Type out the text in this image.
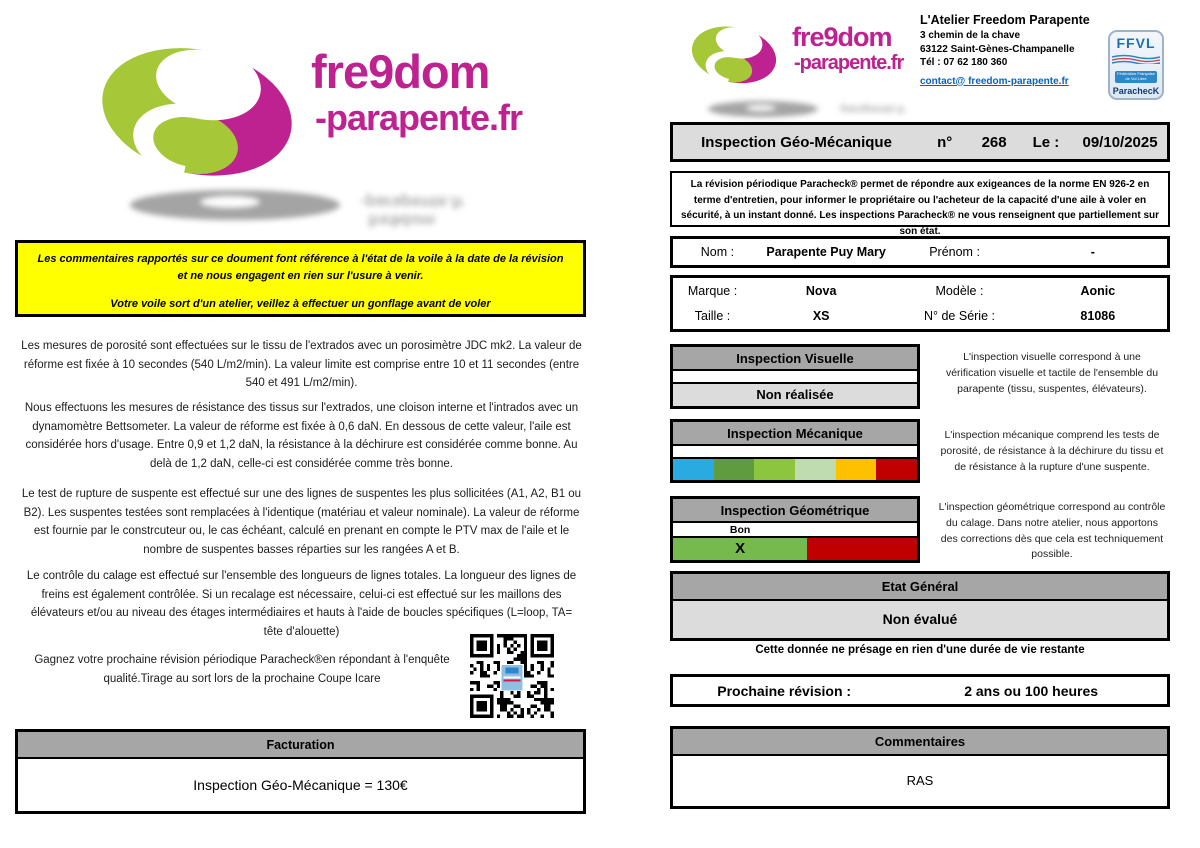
fre9dom
-parapente.fr
-parapente.fr
fre9dom
Les commentaires rapportés sur ce doument font référence à l'état de la voile à la date de la révision et ne nous engagent en rien sur l'usure à venir.
Votre voile sort d'un atelier, veillez à effectuer un gonflage avant de voler

Les mesures de porosité sont effectuées sur le tissu de l'extrados avec un porosimètre JDC mk2. La valeur de réforme est fixée à 10 secondes (540 L/m2/min). La valeur limite est comprise entre 10 et 11 secondes (entre 540 et 491 L/m2/min).

Nous effectuons les mesures de résistance des tissus sur l'extrados, une cloison interne et l'intrados avec un dynamomètre Bettsometer. La valeur de réforme est fixée à 0,6 daN. En dessous de cette valeur, l'aile est considérée hors d'usage. Entre 0,9 et 1,2 daN, la résistance à la déchirure est considérée comme bonne. Au delà de 1,2 daN, celle-ci est considérée comme très bonne.

Le test de rupture de suspente est effectué sur une des lignes de suspentes les plus sollicitées (A1, A2, B1 ou B2). Les suspentes testées sont remplacées à l'identique (matériau et valeur nominale). La valeur de réforme est fournie par le constrcuteur ou, le cas échéant, calculé en prenant en compte le PTV max de l'aile et le nombre de suspentes basses réparties sur les rangées A et B.

Le contrôle du calage est effectué sur l'ensemble des longueurs de lignes totales. La longueur des lignes de freins est également contrôlée. Si un recalage est nécessaire, celui-ci est effectué sur les maillons des élévateurs et/ou au niveau des étages intermédiaires et hauts à l'aide de boucles spécifiques (L=loop, TA= tête d'alouette)

Gagnez votre prochaine révision périodique Paracheck®en répondant à l'enquête qualité.Tirage au sort lors de la prochaine Coupe Icare
Facturation
Inspection Géo-Mécanique = 130€
fre9dom
-parapente.fr
L'Atelier Freedom Parapente
3 chemin de la chave
63122 Saint-Gènes-Champanelle
Tél : 07 62 180 360
contact@ freedom-parapente.fr
FFVL
Fédération Française de Vol Libre
ParachecK
-parapente.fr
Inspection Géo-Mécanique	n°	268	Le :	09/10/2025
La révision périodique Paracheck® permet de répondre aux exigeances de la norme EN 926-2 en terme d'entretien, pour informer le propriétaire ou l'acheteur de la capacité d'une aile à voler en sécurité, à un instant donné. Les inspections Paracheck® ne vous renseignent que partiellement sur son état.
Nom :	Parapente Puy Mary	Prénom :	-
Marque :	Nova	Modèle :	Aonic
Taille :	XS	N° de Série :	81086
Inspection Visuelle
Non réalisée
L'inspection visuelle correspond à une vérification visuelle et tactile de l'ensemble du parapente (tissu, suspentes, élévateurs).
Inspection Mécanique	L'inspection mécanique comprend les tests de porosité, de résistance à la déchirure du tissu et de résistance à la rupture d'une suspente.
Inspection Géométrique
Bon
X
L'inspection géométrique correspond au contrôle du calage. Dans notre atelier, nous apportons des corrections dès que cela est techniquement possible.
Etat Général
Non évalué
Cette donnée ne présage en rien d'une durée de vie restante
Prochaine révision :	2 ans ou 100 heures
Commentaires
RAS
